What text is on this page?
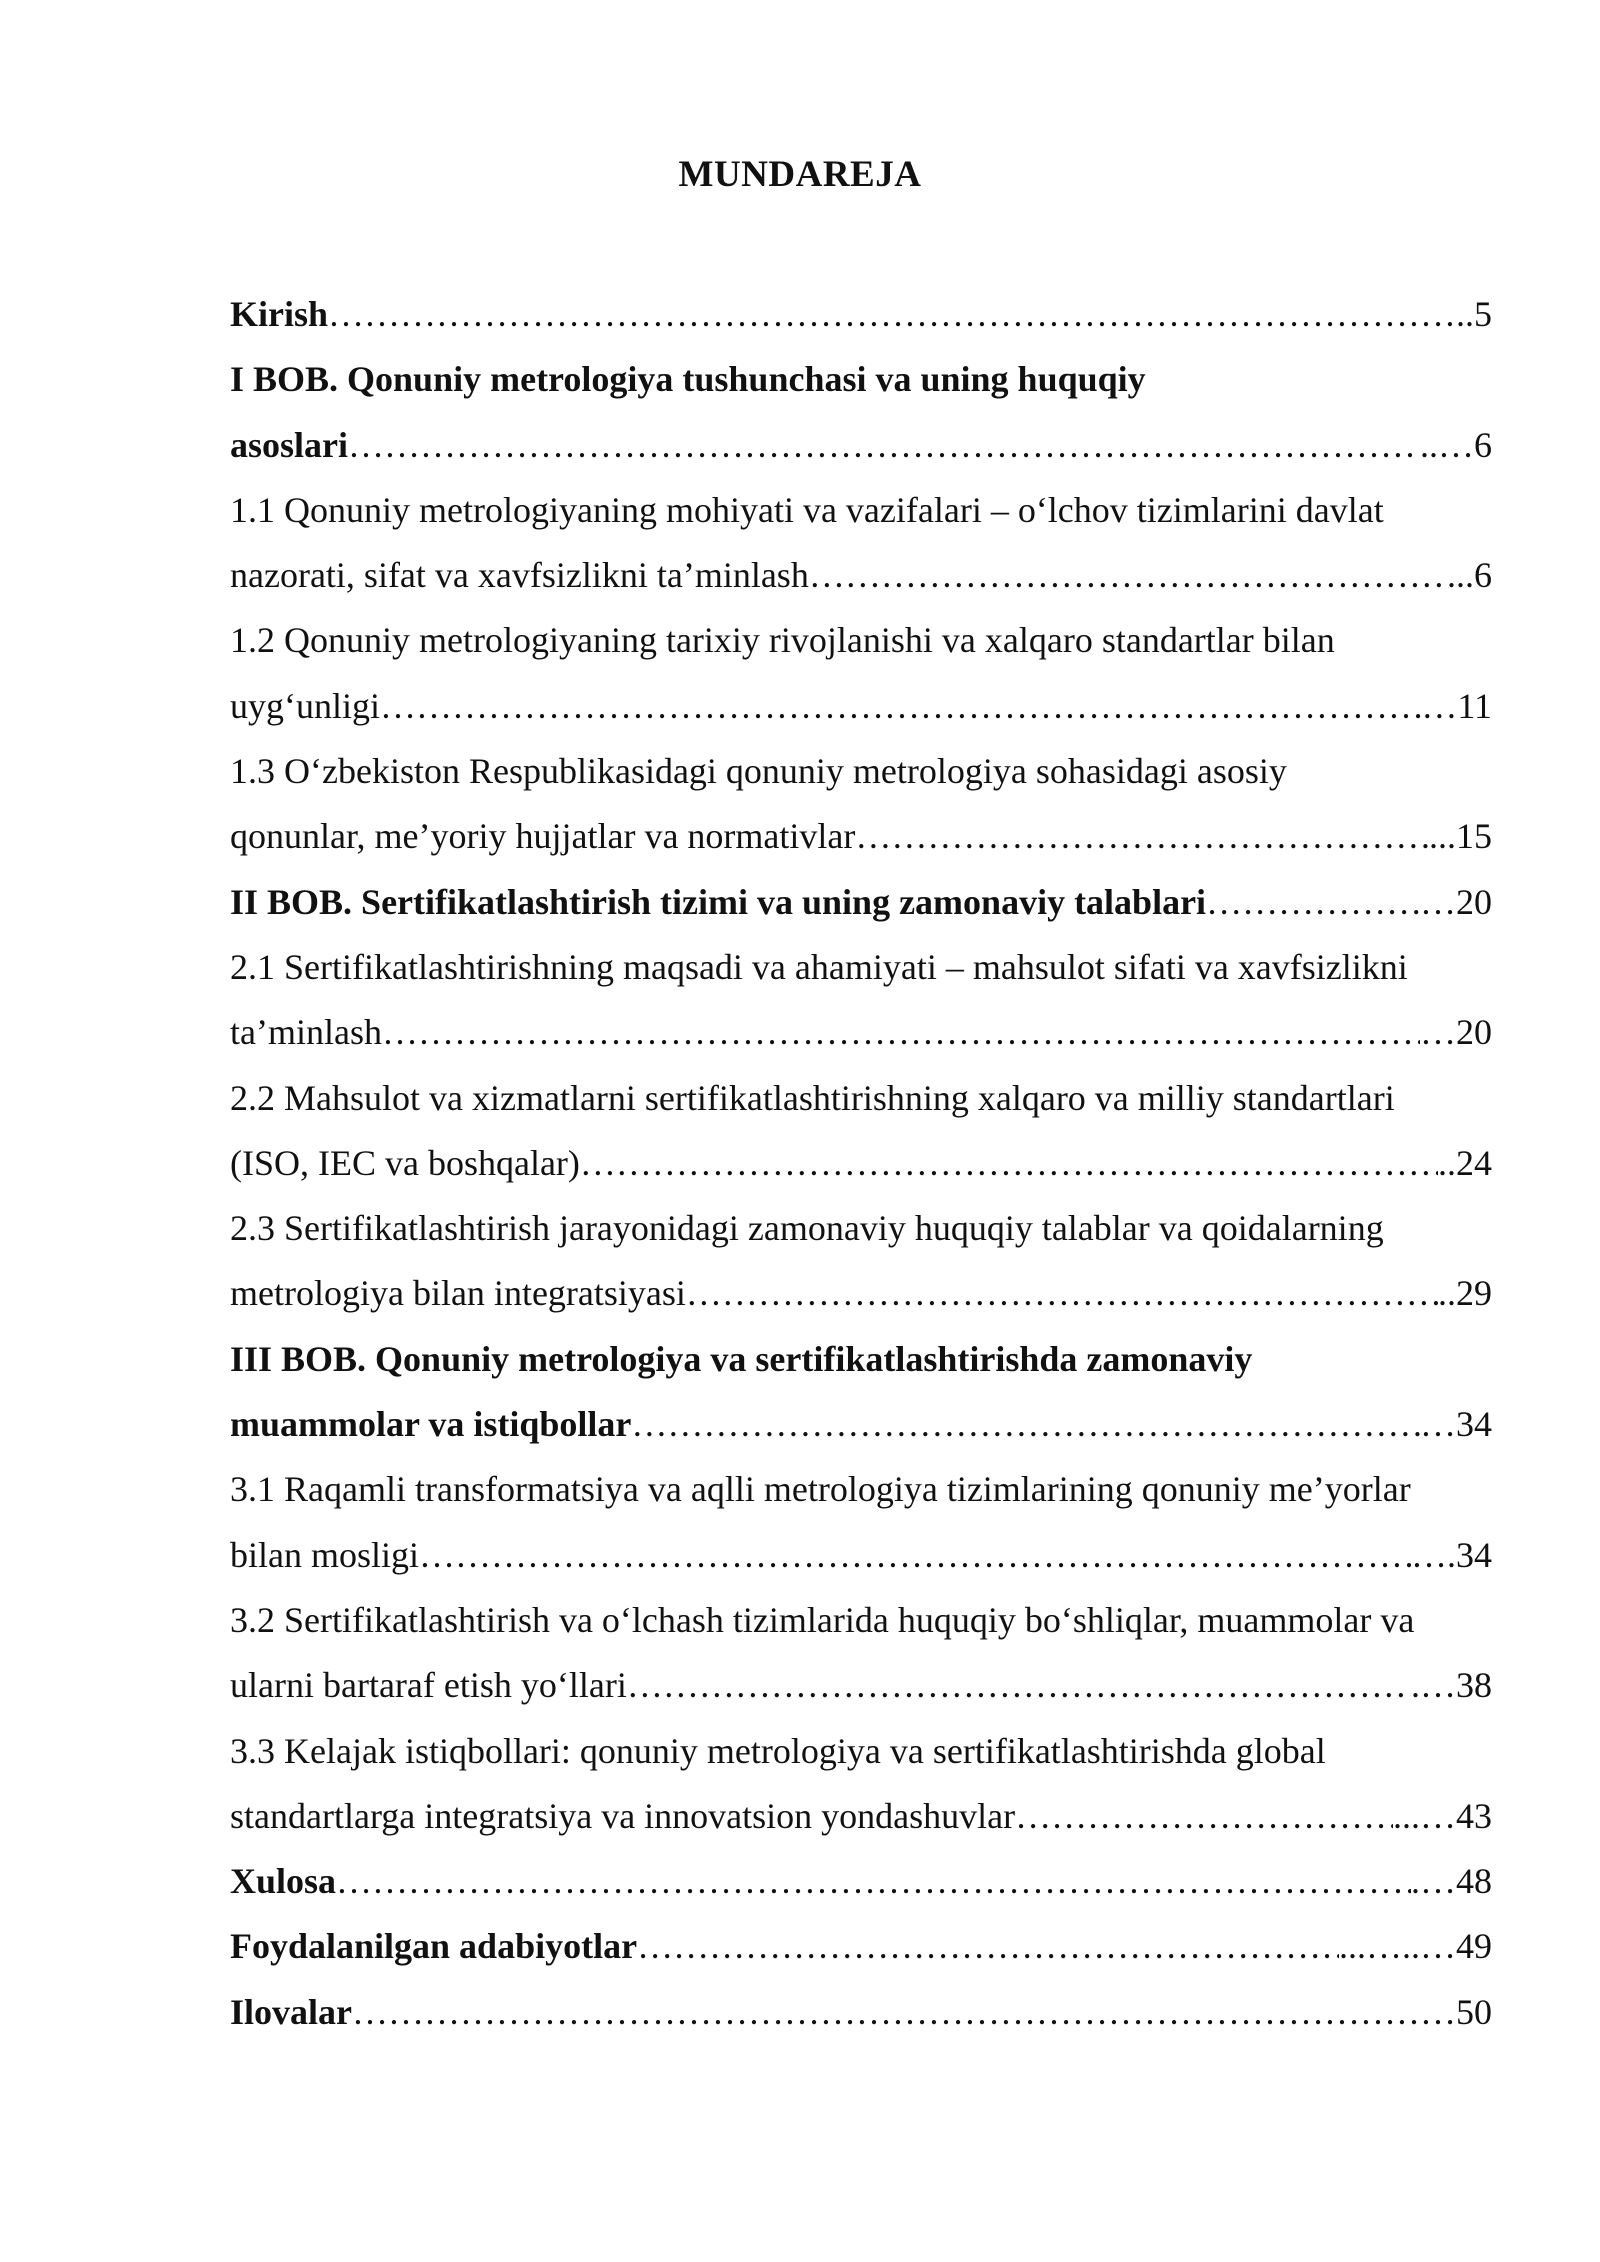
MUNDAREJA
Kirish ……………………………………………………………………………………………………………………………………………………………………………………………………	..5
I BOB. Qonuniy metrologiya tushunchasi va uning huquqiy
asoslari ……………………………………………………………………………………………………………………………………………………………………………………………………	..…6
1.1 Qonuniy metrologiyaning mohiyati va vazifalari – o‘lchov tizimlarini davlat
nazorati, sifat va xavfsizlikni ta’minlash ……………………………………………………………………………………………………………………………………………………………………………………………………	...6
1.2 Qonuniy metrologiyaning tarixiy rivojlanishi va xalqaro standartlar bilan
uyg‘unligi ……………………………………………………………………………………………………………………………………………………………………………………………………	…11
1.3 O‘zbekiston Respublikasidagi qonuniy metrologiya sohasidagi asosiy
qonunlar, me’yoriy hujjatlar va normativlar ……………………………………………………………………………………………………………………………………………………………………………………………………	...15
II BOB. Sertifikatlashtirish tizimi va uning zamonaviy talablari ……………………………………………………………………………………………………………………………………………………………………………………………………	…20
2.1 Sertifikatlashtirishning maqsadi va ahamiyati – mahsulot sifati va xavfsizlikni
ta’minlash ……………………………………………………………………………………………………………………………………………………………………………………………………	…20
2.2 Mahsulot va xizmatlarni sertifikatlashtirishning xalqaro va milliy standartlari
(ISO, IEC va boshqalar) ……………………………………………………………………………………………………………………………………………………………………………………………………	..24
2.3 Sertifikatlashtirish jarayonidagi zamonaviy huquqiy talablar va qoidalarning
metrologiya bilan integratsiyasi ……………………………………………………………………………………………………………………………………………………………………………………………………	..29
III BOB. Qonuniy metrologiya va sertifikatlashtirishda zamonaviy
muammolar va istiqbollar ……………………………………………………………………………………………………………………………………………………………………………………………………	…34
3.1 Raqamli transformatsiya va aqlli metrologiya tizimlarining qonuniy me’yorlar
bilan mosligi ……………………………………………………………………………………………………………………………………………………………………………………………………	….34
3.2 Sertifikatlashtirish va o‘lchash tizimlarida huquqiy bo‘shliqlar, muammolar va
ularni bartaraf etish yo‘llari ……………………………………………………………………………………………………………………………………………………………………………………………………	.…38
3.3 Kelajak istiqbollari: qonuniy metrologiya va sertifikatlashtirishda global
standartlarga integratsiya va innovatsion yondashuvlar ……………………………………………………………………………………………………………………………………………………………………………………………………	...…43
Xulosa ……………………………………………………………………………………………………………………………………………………………………………………………………	.…48
Foydalanilgan adabiyotlar ……………………………………………………………………………………………………………………………………………………………………………………………………	...…..…49
Ilovalar ……………………………………………………………………………………………………………………………………………………………………………………………………	…50
